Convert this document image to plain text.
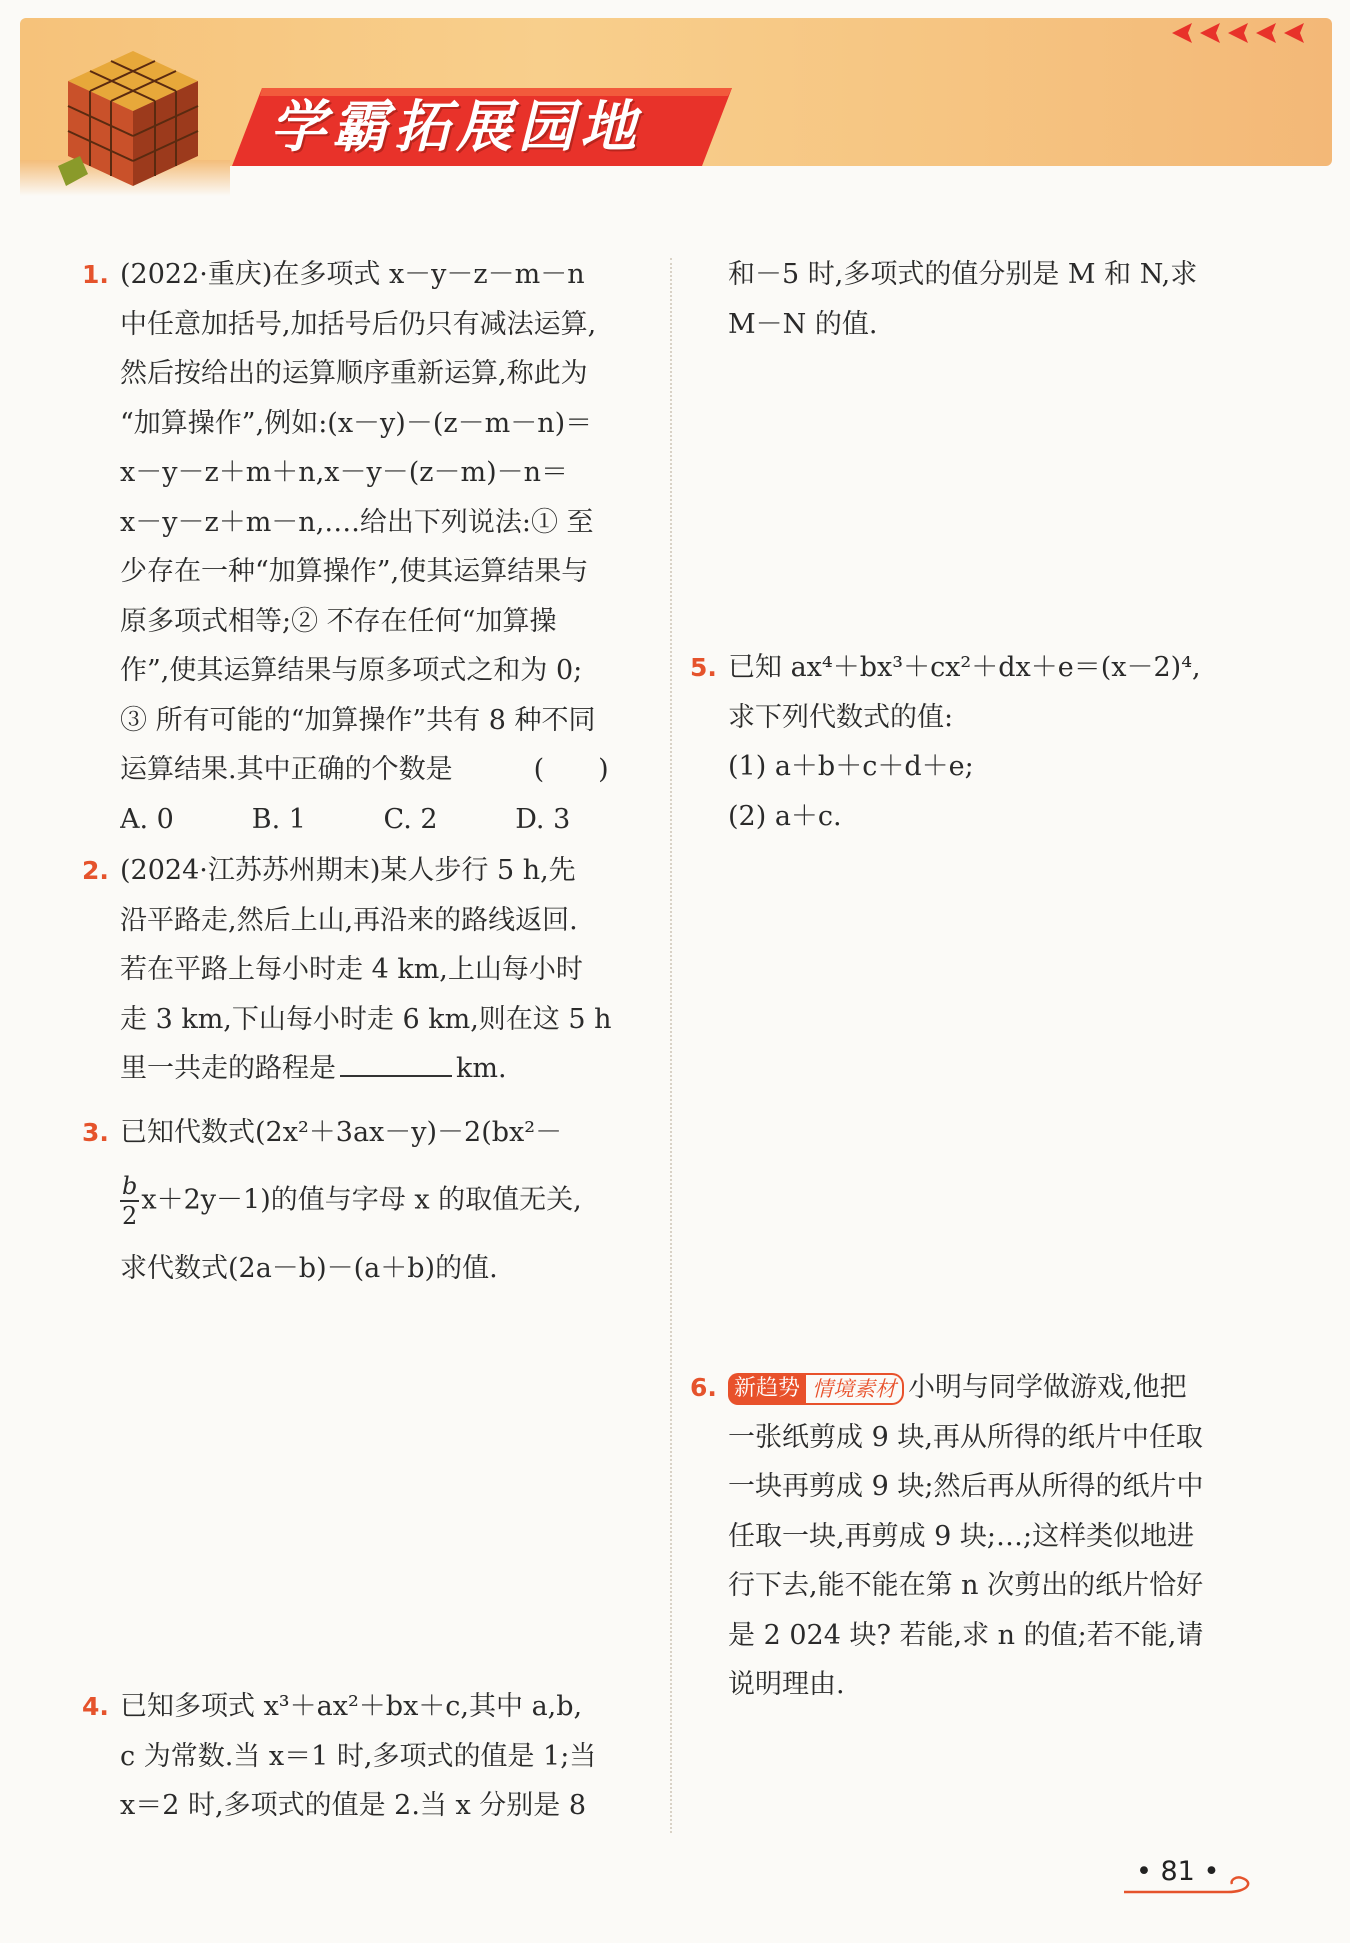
学霸拓展园地
1. (2022·重庆)在多项式 x－y－z－m－n
中任意加括号,加括号后仍只有减法运算,
然后按给出的运算顺序重新运算,称此为
“加算操作”,例如:(x－y)－(z－m－n)＝
x－y－z＋m＋n,x－y－(z－m)－n＝
x－y－z＋m－n,….给出下列说法:① 至
少存在一种“加算操作”,使其运算结果与
原多项式相等;② 不存在任何“加算操
作”,使其运算结果与原多项式之和为 0;
③ 所有可能的“加算操作”共有 8 种不同
运算结果.其中正确的个数是　　　(　　)
A. 0	B. 1	C. 2	D. 3
2. (2024·江苏苏州期末)某人步行 5 h,先
沿平路走,然后上山,再沿来的路线返回.
若在平路上每小时走 4 km,上山每小时
走 3 km,下山每小时走 6 km,则在这 5 h
里一共走的路程是	km.
3. 已知代数式(2x²＋3ax－y)－2(bx²－
$\frac{b}{2} x+2y-1$)的值与字母 x 的取值无关,
求代数式(2a－b)－(a＋b)的值.
4. 已知多项式 x³＋ax²＋bx＋c,其中 a,b,
c 为常数.当 x＝1 时,多项式的值是 1;当
x＝2 时,多项式的值是 2.当 x 分别是 8
和－5 时,多项式的值分别是 M 和 N,求
M－N 的值.
5. 已知 ax⁴＋bx³＋cx²＋dx＋e＝(x－2)⁴,
求下列代数式的值:
(1) a＋b＋c＋d＋e;
(2) a＋c.
6. 新趋势 情境素材 小明与同学做游戏,他把
一张纸剪成 9 块,再从所得的纸片中任取
一块再剪成 9 块;然后再从所得的纸片中
任取一块,再剪成 9 块;…;这样类似地进
行下去,能不能在第 n 次剪出的纸片恰好
是 2 024 块? 若能,求 n 的值;若不能,请
说明理由.
• 81 •
